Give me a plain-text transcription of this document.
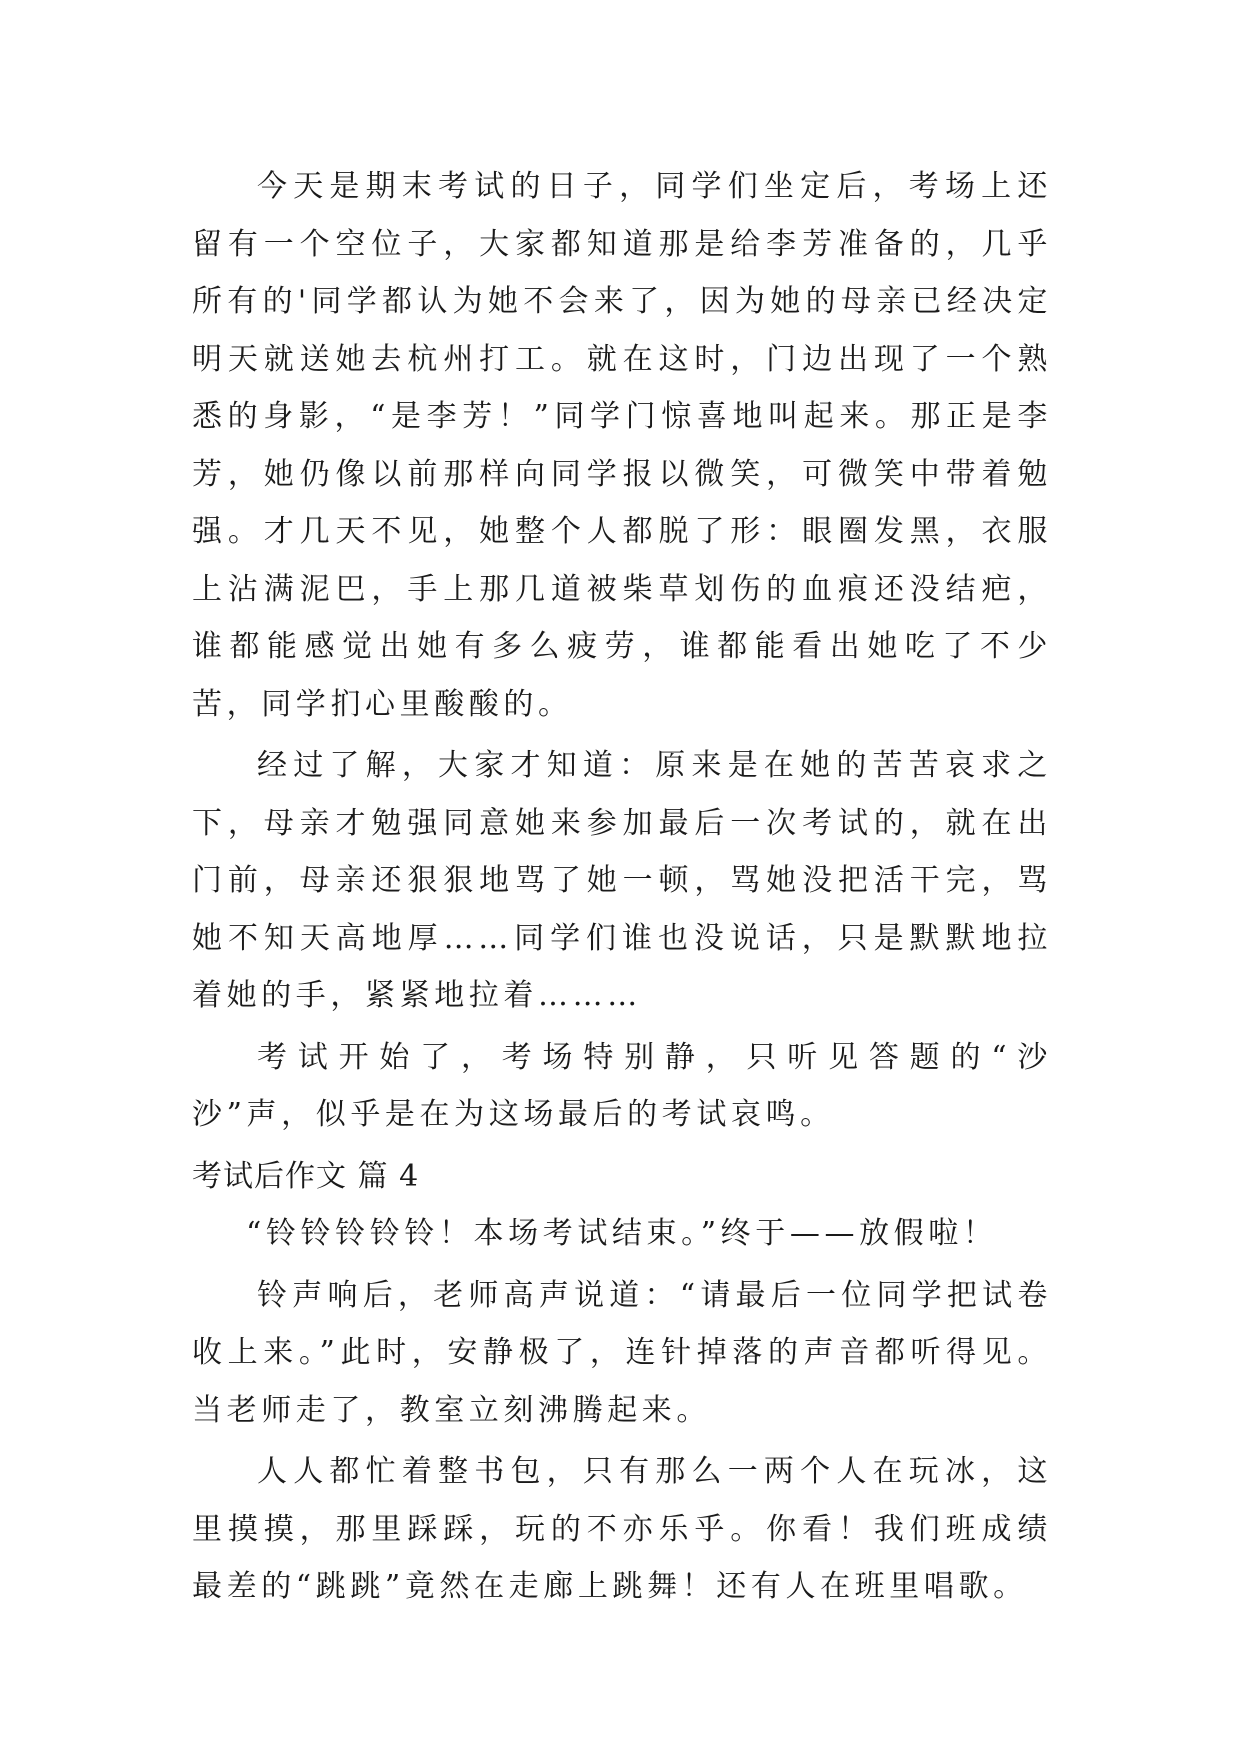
今天是期末考试的日子，同学们坐定后，考场上还留有一个空位子，大家都知道那是给李芳准备的，几乎所有的'同学都认为她不会来了，因为她的母亲已经决定明天就送她去杭州打工。就在这时，门边出现了一个熟悉的身影，“是李芳！”同学门惊喜地叫起来。那正是李芳，她仍像以前那样向同学报以微笑，可微笑中带着勉强。才几天不见，她整个人都脱了形：眼圈发黑，衣服上沾满泥巴，手上那几道被柴草划伤的血痕还没结疤，谁都能感觉出她有多么疲劳，谁都能看出她吃了不少苦，同学扪心里酸酸的。

经过了解，大家才知道：原来是在她的苦苦哀求之下，母亲才勉强同意她来参加最后一次考试的，就在出门前，母亲还狠狠地骂了她一顿，骂她没把活干完，骂她不知天高地厚……同学们谁也没说话，只是默默地拉着她的手，紧紧地拉着………

考试开始了，考场特别静，只听见答题的“沙沙”声，似乎是在为这场最后的考试哀鸣。

考试后作文 篇 4

“铃铃铃铃铃！本场考试结束。”终于——放假啦！

铃声响后，老师高声说道：“请最后一位同学把试卷收上来。”此时，安静极了，连针掉落的声音都听得见。当老师走了，教室立刻沸腾起来。

人人都忙着整书包，只有那么一两个人在玩冰，这里摸摸，那里踩踩，玩的不亦乐乎。你看！我们班成绩最差的“跳跳”竟然在走廊上跳舞！还有人在班里唱歌。
